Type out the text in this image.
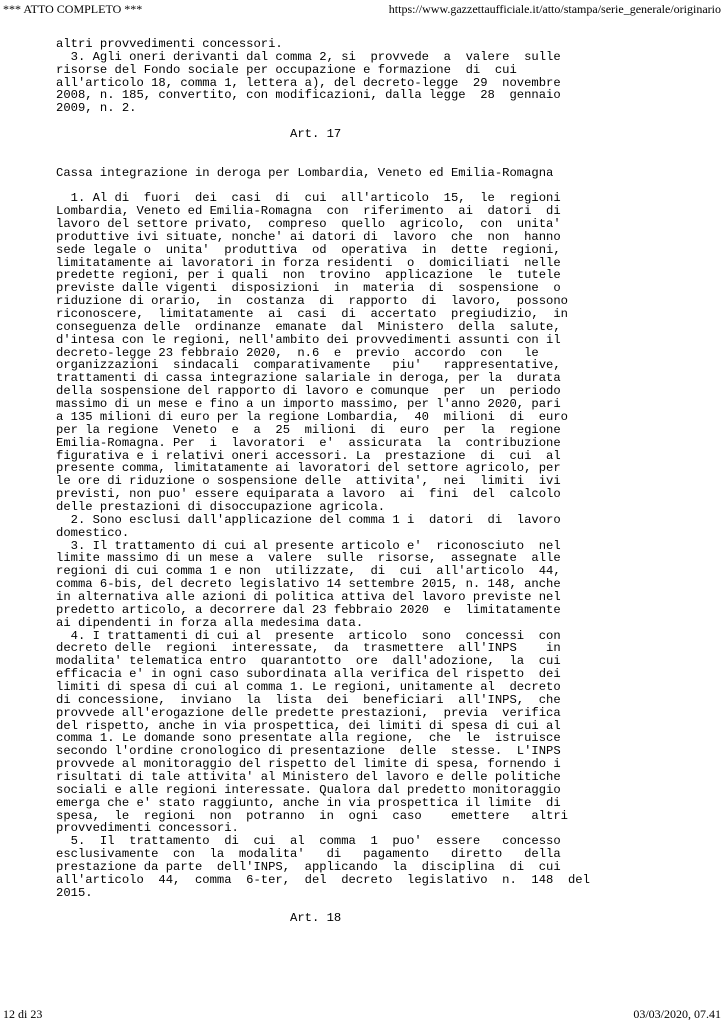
*** ATTO COMPLETO ***	https://www.gazzettaufficiale.it/atto/stampa/serie_generale/originario
altri provvedimenti concessori.
3. Agli oneri derivanti dal comma 2, si  provvede  a  valere  sulle
risorse del Fondo sociale per occupazione e formazione  di  cui
all'articolo 18, comma 1, lettera a), del decreto-legge  29  novembre
2008, n. 185, convertito, con modificazioni, dalla legge  28  gennaio
2009, n. 2.
Art. 17
Cassa integrazione in deroga per Lombardia, Veneto ed Emilia-Romagna
1. Al di  fuori  dei  casi  di  cui  all'articolo  15,  le  regioni
Lombardia, Veneto ed Emilia-Romagna  con  riferimento  ai  datori  di
lavoro del settore privato,  compreso  quello  agricolo,  con  unita'
produttive ivi situate, nonche' ai datori di  lavoro  che  non  hanno
sede legale o  unita'  produttiva  od  operativa  in  dette  regioni,
limitatamente ai lavoratori in forza residenti  o  domiciliati  nelle
predette regioni, per i quali  non  trovino  applicazione  le  tutele
previste dalle vigenti  disposizioni  in  materia  di  sospensione  o
riduzione di orario,  in  costanza  di  rapporto  di  lavoro,  possono
riconoscere,  limitatamente  ai  casi  di  accertato  pregiudizio,  in
conseguenza delle  ordinanze  emanate  dal  Ministero  della  salute,
d'intesa con le regioni, nell'ambito dei provvedimenti assunti con il
decreto-legge 23 febbraio 2020,  n.6  e  previo  accordo  con   le
organizzazioni  sindacali  comparativamente   piu'   rappresentative,
trattamenti di cassa integrazione salariale in deroga, per la  durata
della sospensione del rapporto di lavoro e comunque  per  un  periodo
massimo di un mese e fino a un importo massimo, per l'anno 2020, pari
a 135 milioni di euro per la regione Lombardia,  40  milioni  di  euro
per la regione  Veneto  e  a  25  milioni  di  euro  per  la  regione
Emilia-Romagna. Per  i  lavoratori  e'  assicurata  la  contribuzione
figurativa e i relativi oneri accessori. La  prestazione  di  cui  al
presente comma, limitatamente ai lavoratori del settore agricolo, per
le ore di riduzione o sospensione delle  attivita',  nei  limiti  ivi
previsti, non puo' essere equiparata a lavoro  ai  fini  del  calcolo
delle prestazioni di disoccupazione agricola.
2. Sono esclusi dall'applicazione del comma 1 i  datori  di  lavoro
domestico.
3. Il trattamento di cui al presente articolo e'  riconosciuto  nel
limite massimo di un mese a  valere  sulle  risorse,  assegnate  alle
regioni di cui comma 1 e non  utilizzate,  di  cui  all'articolo  44,
comma 6-bis, del decreto legislativo 14 settembre 2015, n. 148, anche
in alternativa alle azioni di politica attiva del lavoro previste nel
predetto articolo, a decorrere dal 23 febbraio 2020  e  limitatamente
ai dipendenti in forza alla medesima data.
4. I trattamenti di cui al  presente  articolo  sono  concessi  con
decreto delle  regioni  interessate,  da  trasmettere  all'INPS    in
modalita' telematica entro  quarantotto  ore  dall'adozione,  la  cui
efficacia e' in ogni caso subordinata alla verifica del rispetto  dei
limiti di spesa di cui al comma 1. Le regioni, unitamente al  decreto
di concessione,  inviano  la  lista  dei  beneficiari  all'INPS,  che
provvede all'erogazione delle predette prestazioni,  previa  verifica
del rispetto, anche in via prospettica, dei limiti di spesa di cui al
comma 1. Le domande sono presentate alla regione,  che  le  istruisce
secondo l'ordine cronologico di presentazione  delle  stesse.  L'INPS
provvede al monitoraggio del rispetto del limite di spesa, fornendo i
risultati di tale attivita' al Ministero del lavoro e delle politiche
sociali e alle regioni interessate. Qualora dal predetto monitoraggio
emerga che e' stato raggiunto, anche in via prospettica il limite  di
spesa,  le  regioni  non  potranno  in  ogni  caso    emettere   altri
provvedimenti concessori.
5.  Il  trattamento  di  cui  al  comma  1  puo'  essere   concesso
esclusivamente  con  la  modalita'   di   pagamento   diretto   della
prestazione da parte  dell'INPS,  applicando  la  disciplina  di  cui
all'articolo  44,  comma  6-ter,  del  decreto  legislativo  n.  148  del
2015.
Art. 18
12 di 23	03/03/2020, 07.41
